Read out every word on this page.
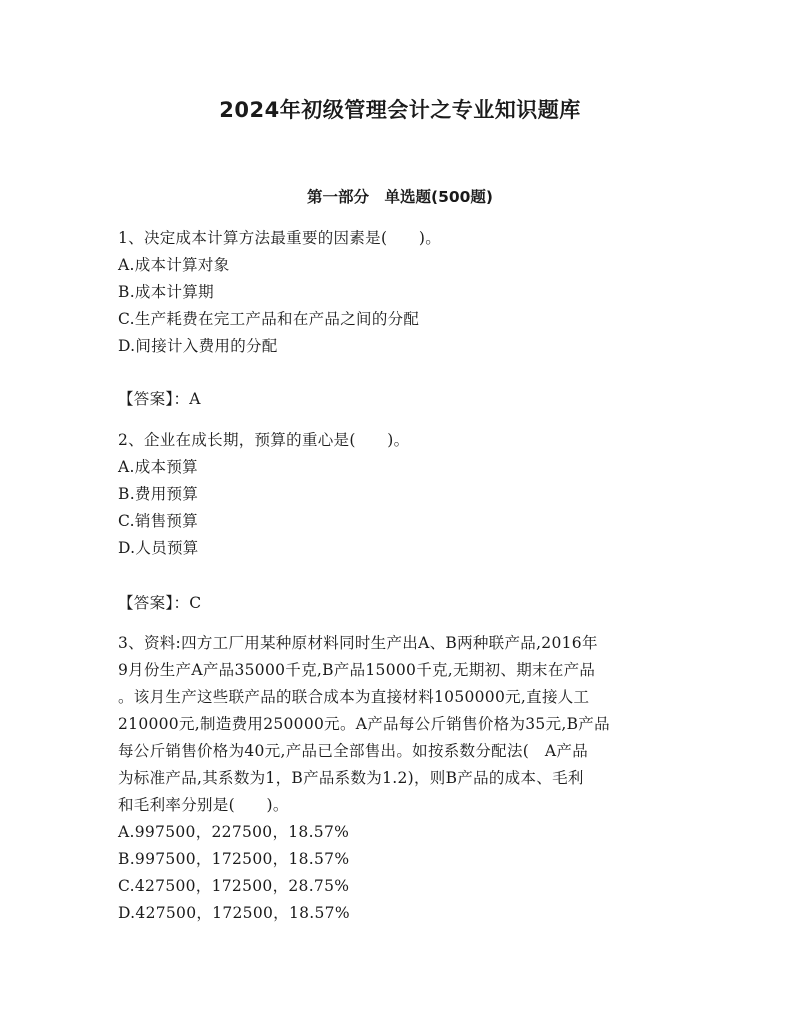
2024年初级管理会计之专业知识题库
第一部分　单选题(500题)
1、决定成本计算方法最重要的因素是(　　)。
A.成本计算对象
B.成本计算期
C.生产耗费在完工产品和在产品之间的分配
D.间接计入费用的分配
【答案】：A
2、企业在成长期，预算的重心是(　　)。
A.成本预算
B.费用预算
C.销售预算
D.人员预算
【答案】：C
3、资料:四方工厂用某种原材料同时生产出A、B两种联产品,2016年
9月份生产A产品35000千克,B产品15000千克,无期初、期末在产品
。该月生产这些联产品的联合成本为直接材料1050000元,直接人工
210000元,制造费用250000元。A产品每公斤销售价格为35元,B产品
每公斤销售价格为40元,产品已全部售出。如按系数分配法(　A产品
为标准产品,其系数为1，B产品系数为1.2)，则B产品的成本、毛利
和毛利率分别是(　　)。
A.997500，227500，18.57%
B.997500，172500，18.57%
C.427500，172500，28.75%
D.427500，172500，18.57%
